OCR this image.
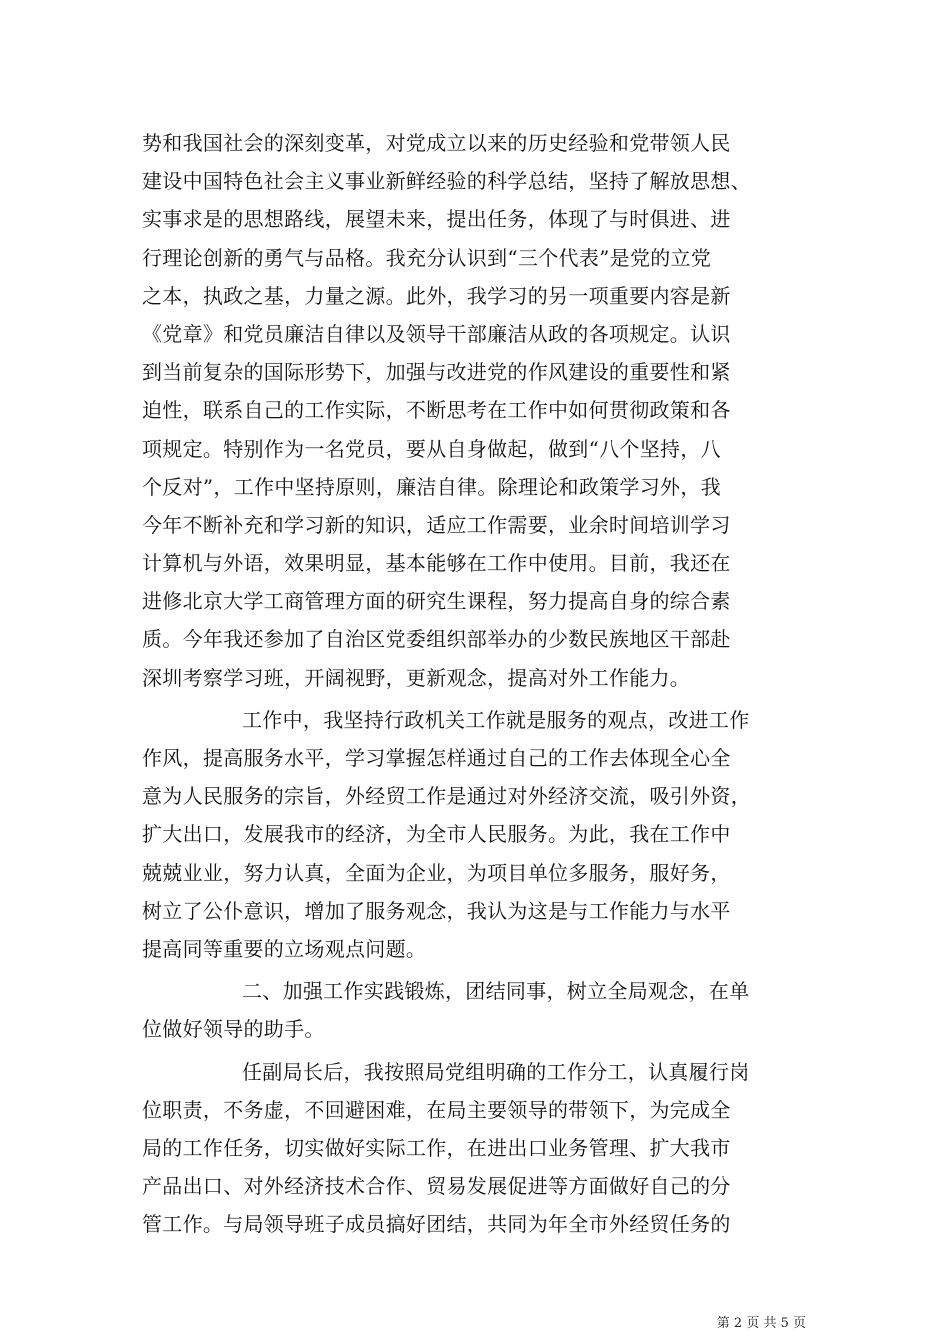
势和我国社会的深刻变革，对党成立以来的历史经验和党带领人民
建设中国特色社会主义事业新鲜经验的科学总结，坚持了解放思想、
实事求是的思想路线，展望未来，提出任务，体现了与时俱进、进
行理论创新的勇气与品格。我充分认识到“三个代表”是党的立党
之本，执政之基，力量之源。此外，我学习的另一项重要内容是新
《党章》和党员廉洁自律以及领导干部廉洁从政的各项规定。认识
到当前复杂的国际形势下，加强与改进党的作风建设的重要性和紧
迫性，联系自己的工作实际，不断思考在工作中如何贯彻政策和各
项规定。特别作为一名党员，要从自身做起，做到“八个坚持，八
个反对”，工作中坚持原则，廉洁自律。除理论和政策学习外，我
今年不断补充和学习新的知识，适应工作需要，业余时间培训学习
计算机与外语，效果明显，基本能够在工作中使用。目前，我还在
进修北京大学工商管理方面的研究生课程，努力提高自身的综合素
质。今年我还参加了自治区党委组织部举办的少数民族地区干部赴
深圳考察学习班，开阔视野，更新观念，提高对外工作能力。
工作中，我坚持行政机关工作就是服务的观点，改进工作
作风，提高服务水平，学习掌握怎样通过自己的工作去体现全心全
意为人民服务的宗旨，外经贸工作是通过对外经济交流，吸引外资，
扩大出口，发展我市的经济，为全市人民服务。为此，我在工作中
兢兢业业，努力认真，全面为企业，为项目单位多服务，服好务，
树立了公仆意识，增加了服务观念，我认为这是与工作能力与水平
提高同等重要的立场观点问题。
二、加强工作实践锻炼，团结同事，树立全局观念，在单
位做好领导的助手。
任副局长后，我按照局党组明确的工作分工，认真履行岗
位职责，不务虚，不回避困难，在局主要领导的带领下，为完成全
局的工作任务，切实做好实际工作，在进出口业务管理、扩大我市
产品出口、对外经济技术合作、贸易发展促进等方面做好自己的分
管工作。与局领导班子成员搞好团结，共同为年全市外经贸任务的
第 2 页 共 5 页
